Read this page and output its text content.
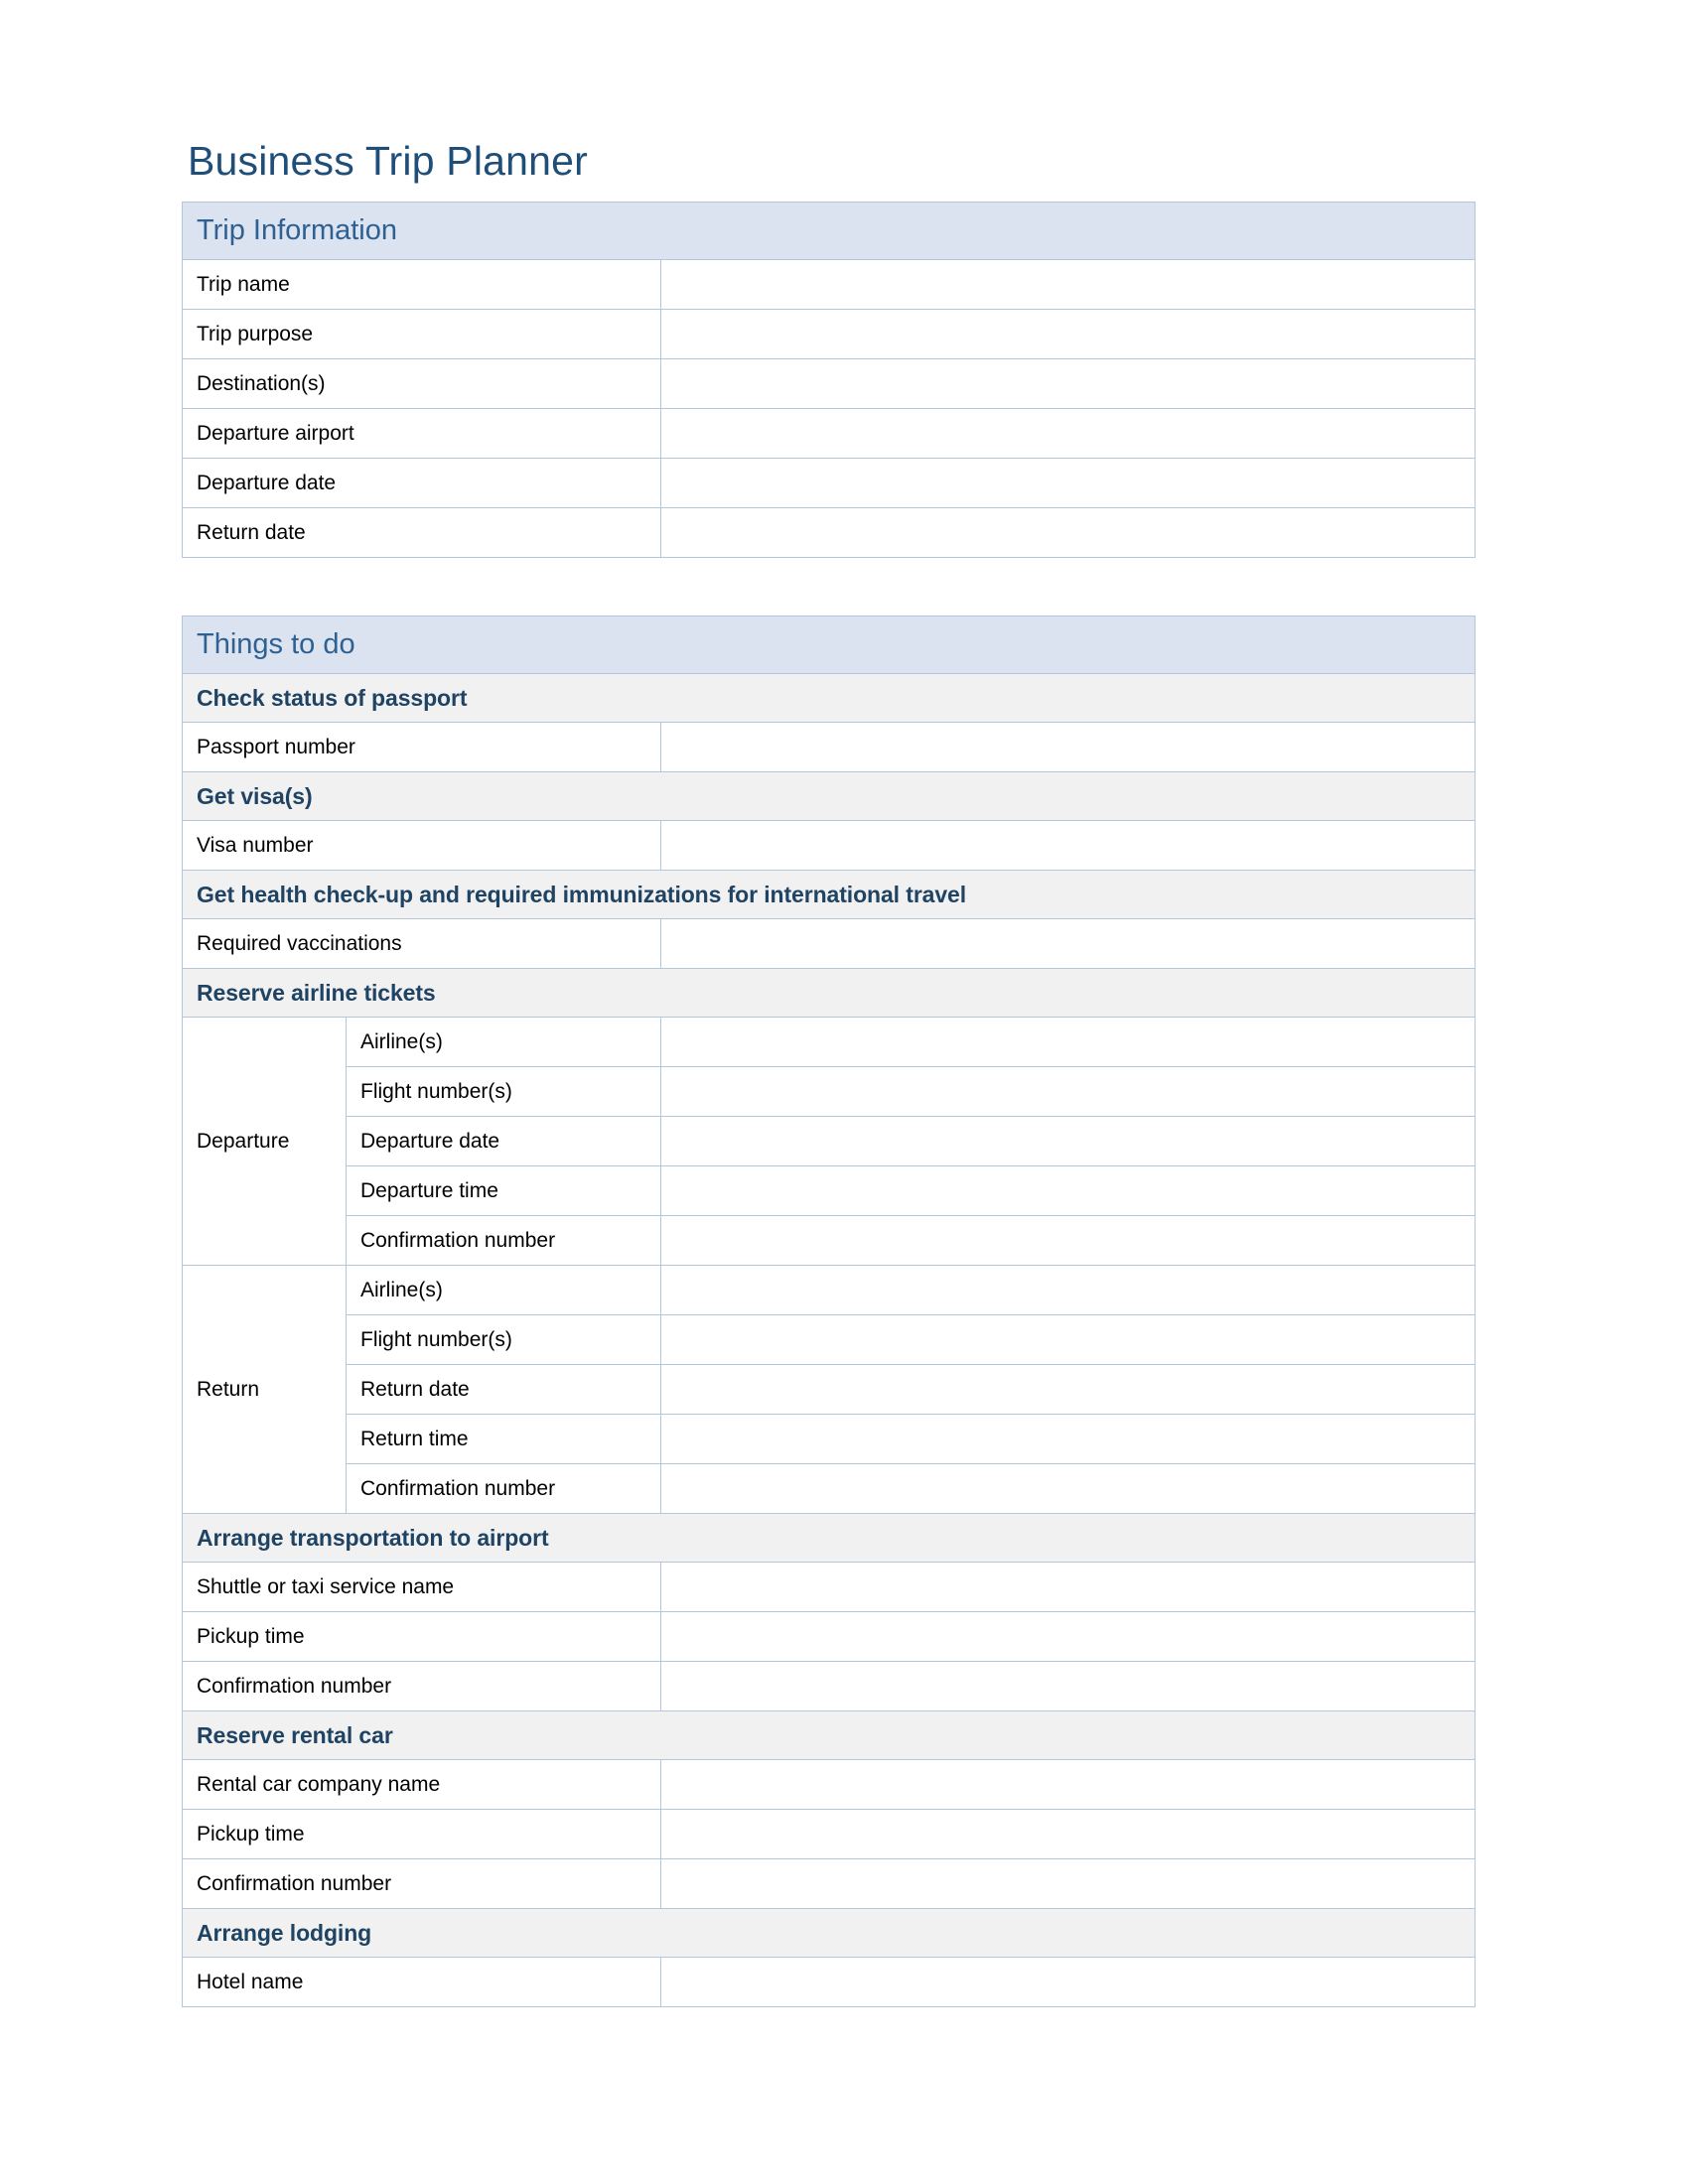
Business Trip Planner
Trip Information	

Trip name	

Trip purpose	

Destination(s)	

Departure airport	

Departure date	

Return date	

Things to do		

Check status of passport		

Passport number		

Get visa(s)		

Visa number		

Get health check-up and required immunizations for international travel		

Required vaccinations		

Reserve airline tickets		

Departure	Airline(s)	

	Flight number(s)	

	Departure date	

	Departure time	

	Confirmation number	

Return	Airline(s)	

	Flight number(s)	

	Return date	

	Return time	

	Confirmation number	

Arrange transportation to airport		

Shuttle or taxi service name		

Pickup time		

Confirmation number		

Reserve rental car		

Rental car company name		

Pickup time		

Confirmation number		

Arrange lodging		

Hotel name		
